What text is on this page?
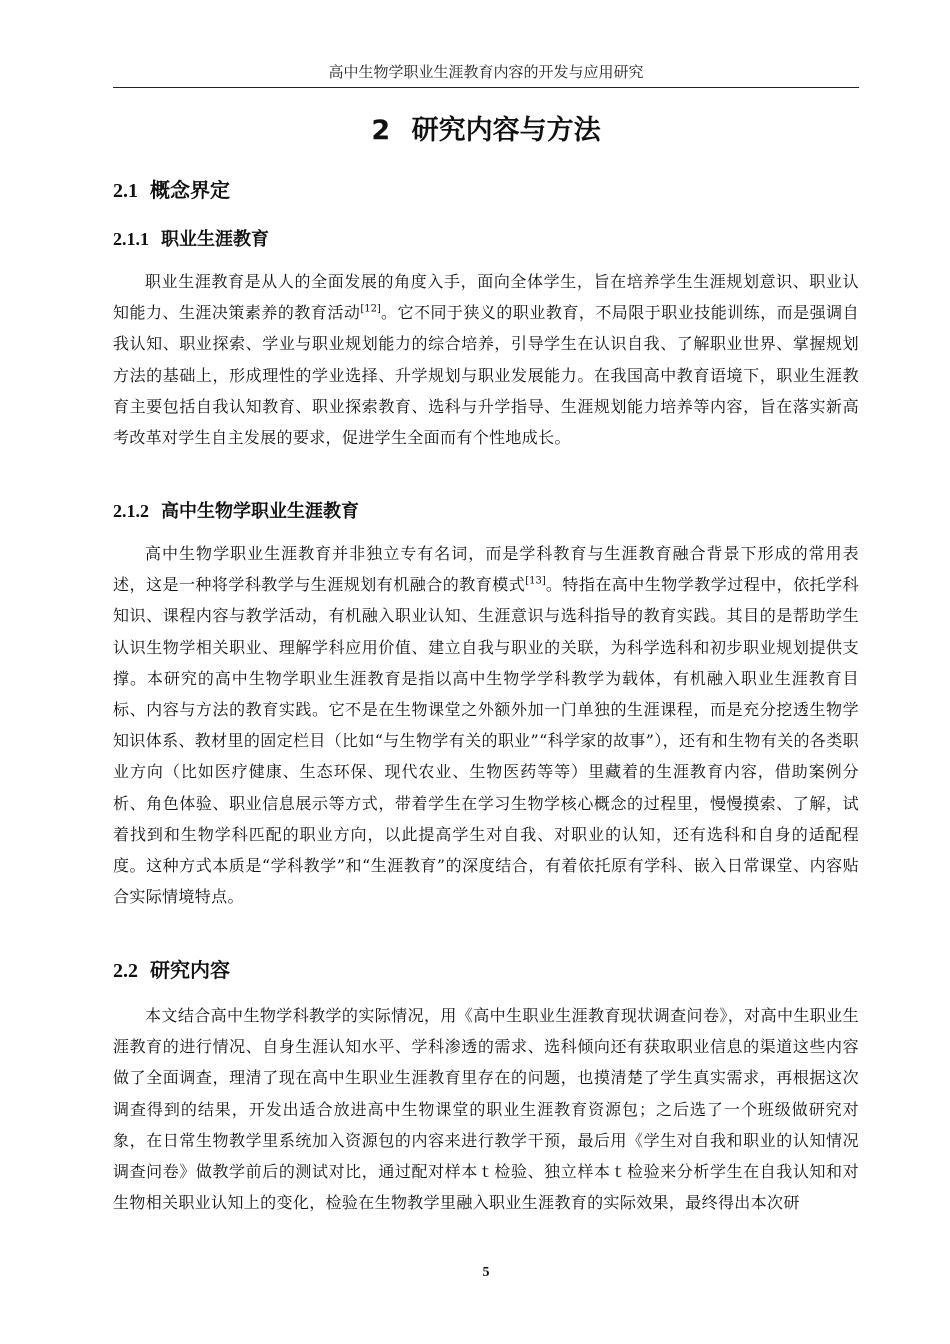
高中生物学职业生涯教育内容的开发与应用研究
2 研究内容与方法
2.1 概念界定
2.1.1 职业生涯教育

职业生涯教育是从人的全面发展的角度入手，面向全体学生，旨在培养学生生涯规划意识、职业认知能力、生涯决策素养的教育活动[12]。它不同于狭义的职业教育，不局限于职业技能训练，而是强调自我认知、职业探索、学业与职业规划能力的综合培养，引导学生在认识自我、了解职业世界、掌握规划方法的基础上，形成理性的学业选择、升学规划与职业发展能力。在我国高中教育语境下，职业生涯教育主要包括自我认知教育、职业探索教育、选科与升学指导、生涯规划能力培养等内容，旨在落实新高考改革对学生自主发展的要求，促进学生全面而有个性地成长。

2.1.2 高中生物学职业生涯教育

高中生物学职业生涯教育并非独立专有名词，而是学科教育与生涯教育融合背景下形成的常用表述，这是一种将学科教学与生涯规划有机融合的教育模式[13]。特指在高中生物学教学过程中，依托学科知识、课程内容与教学活动，有机融入职业认知、生涯意识与选科指导的教育实践。其目的是帮助学生认识生物学相关职业、理解学科应用价值、建立自我与职业的关联，为科学选科和初步职业规划提供支撑。本研究的高中生物学职业生涯教育是指以高中生物学学科教学为载体，有机融入职业生涯教育目标、内容与方法的教育实践。它不是在生物课堂之外额外加一门单独的生涯课程，而是充分挖透生物学知识体系、教材里的固定栏目（比如“与生物学有关的职业”“科学家的故事”），还有和生物有关的各类职业方向（比如医疗健康、生态环保、现代农业、生物医药等等）里藏着的生涯教育内容，借助案例分析、角色体验、职业信息展示等方式，带着学生在学习生物学核心概念的过程里，慢慢摸索、了解，试着找到和生物学科匹配的职业方向，以此提高学生对自我、对职业的认知，还有选科和自身的适配程度。这种方式本质是“学科教学”和“生涯教育”的深度结合，有着依托原有学科、嵌入日常课堂、内容贴合实际情境特点。

2.2 研究内容

本文结合高中生物学科教学的实际情况，用《高中生职业生涯教育现状调查问卷》，对高中生职业生涯教育的进行情况、自身生涯认知水平、学科渗透的需求、选科倾向还有获取职业信息的渠道这些内容做了全面调查，理清了现在高中生职业生涯教育里存在的问题，也摸清楚了学生真实需求，再根据这次调查得到的结果，开发出适合放进高中生物课堂的职业生涯教育资源包；之后选了一个班级做研究对象，在日常生物教学里系统加入资源包的内容来进行教学干预，最后用《学生对自我和职业的认知情况调查问卷》做教学前后的测试对比，通过配对样本ｔ检验、独立样本ｔ检验来分析学生在自我认知和对生物相关职业认知上的变化，检验在生物教学里融入职业生涯教育的实际效果，最终得出本次研

5
